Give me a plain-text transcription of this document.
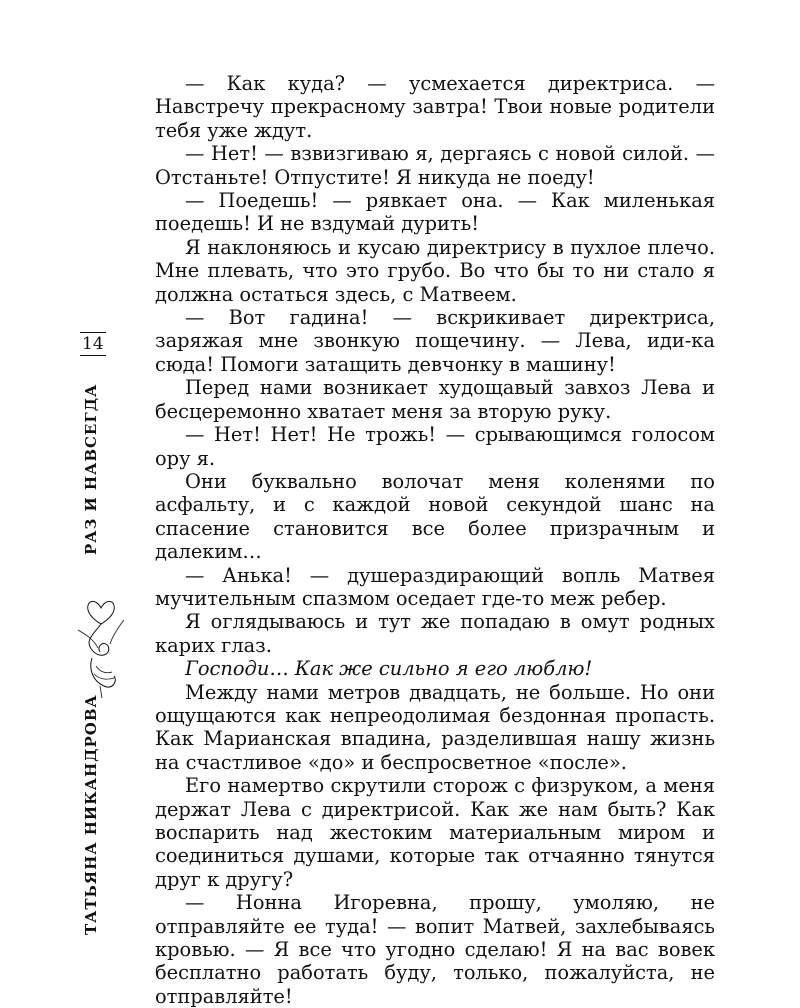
14
РАЗ И НАВСЕГДА
ТАТЬЯНА НИКАНДРОВА

— Как куда? — усмехается директриса. — Навстречу прекрасному завтра! Твои новые родители тебя уже ждут.

— Нет! — взвизгиваю я, дергаясь с новой силой. — Отстаньте! Отпустите! Я никуда не поеду!

— Поедешь! — рявкает она. — Как миленькая поедешь! И не вздумай дурить!

Я наклоняюсь и кусаю директрису в пухлое плечо. Мне плевать, что это грубо. Во что бы то ни стало я должна остаться здесь, с Матвеем.

— Вот гадина! — вскрикивает директриса, заряжая мне звонкую пощечину. — Лева, иди-ка сюда! Помоги затащить девчонку в машину!

Перед нами возникает худощавый завхоз Лева и бесцеремонно хватает меня за вторую руку.

— Нет! Нет! Не трожь! — срывающимся голосом ору я.

Они буквально волочат меня коленями по асфальту, и с каждой новой секундой шанс на спасение становится все более призрачным и далеким…

— Анька! — душераздирающий вопль Матвея мучительным спазмом оседает где-то меж ребер.

Я оглядываюсь и тут же попадаю в омут родных карих глаз.

Господи… Как же сильно я его люблю!

Между нами метров двадцать, не больше. Но они ощущаются как непреодолимая бездонная пропасть. Как Марианская впадина, разделившая нашу жизнь на счастливое «до» и беспросветное «после».

Его намертво скрутили сторож с физруком, а меня держат Лева с директрисой. Как же нам быть? Как воспарить над жестоким материальным миром и соединиться душами, которые так отчаянно тянутся друг к другу?

— Нонна Игоревна, прошу, умоляю, не отправляйте ее туда! — вопит Матвей, захлебываясь кровью. — Я все что угодно сделаю! Я на вас вовек бесплатно работать буду, только, пожалуйста, не отправляйте!
